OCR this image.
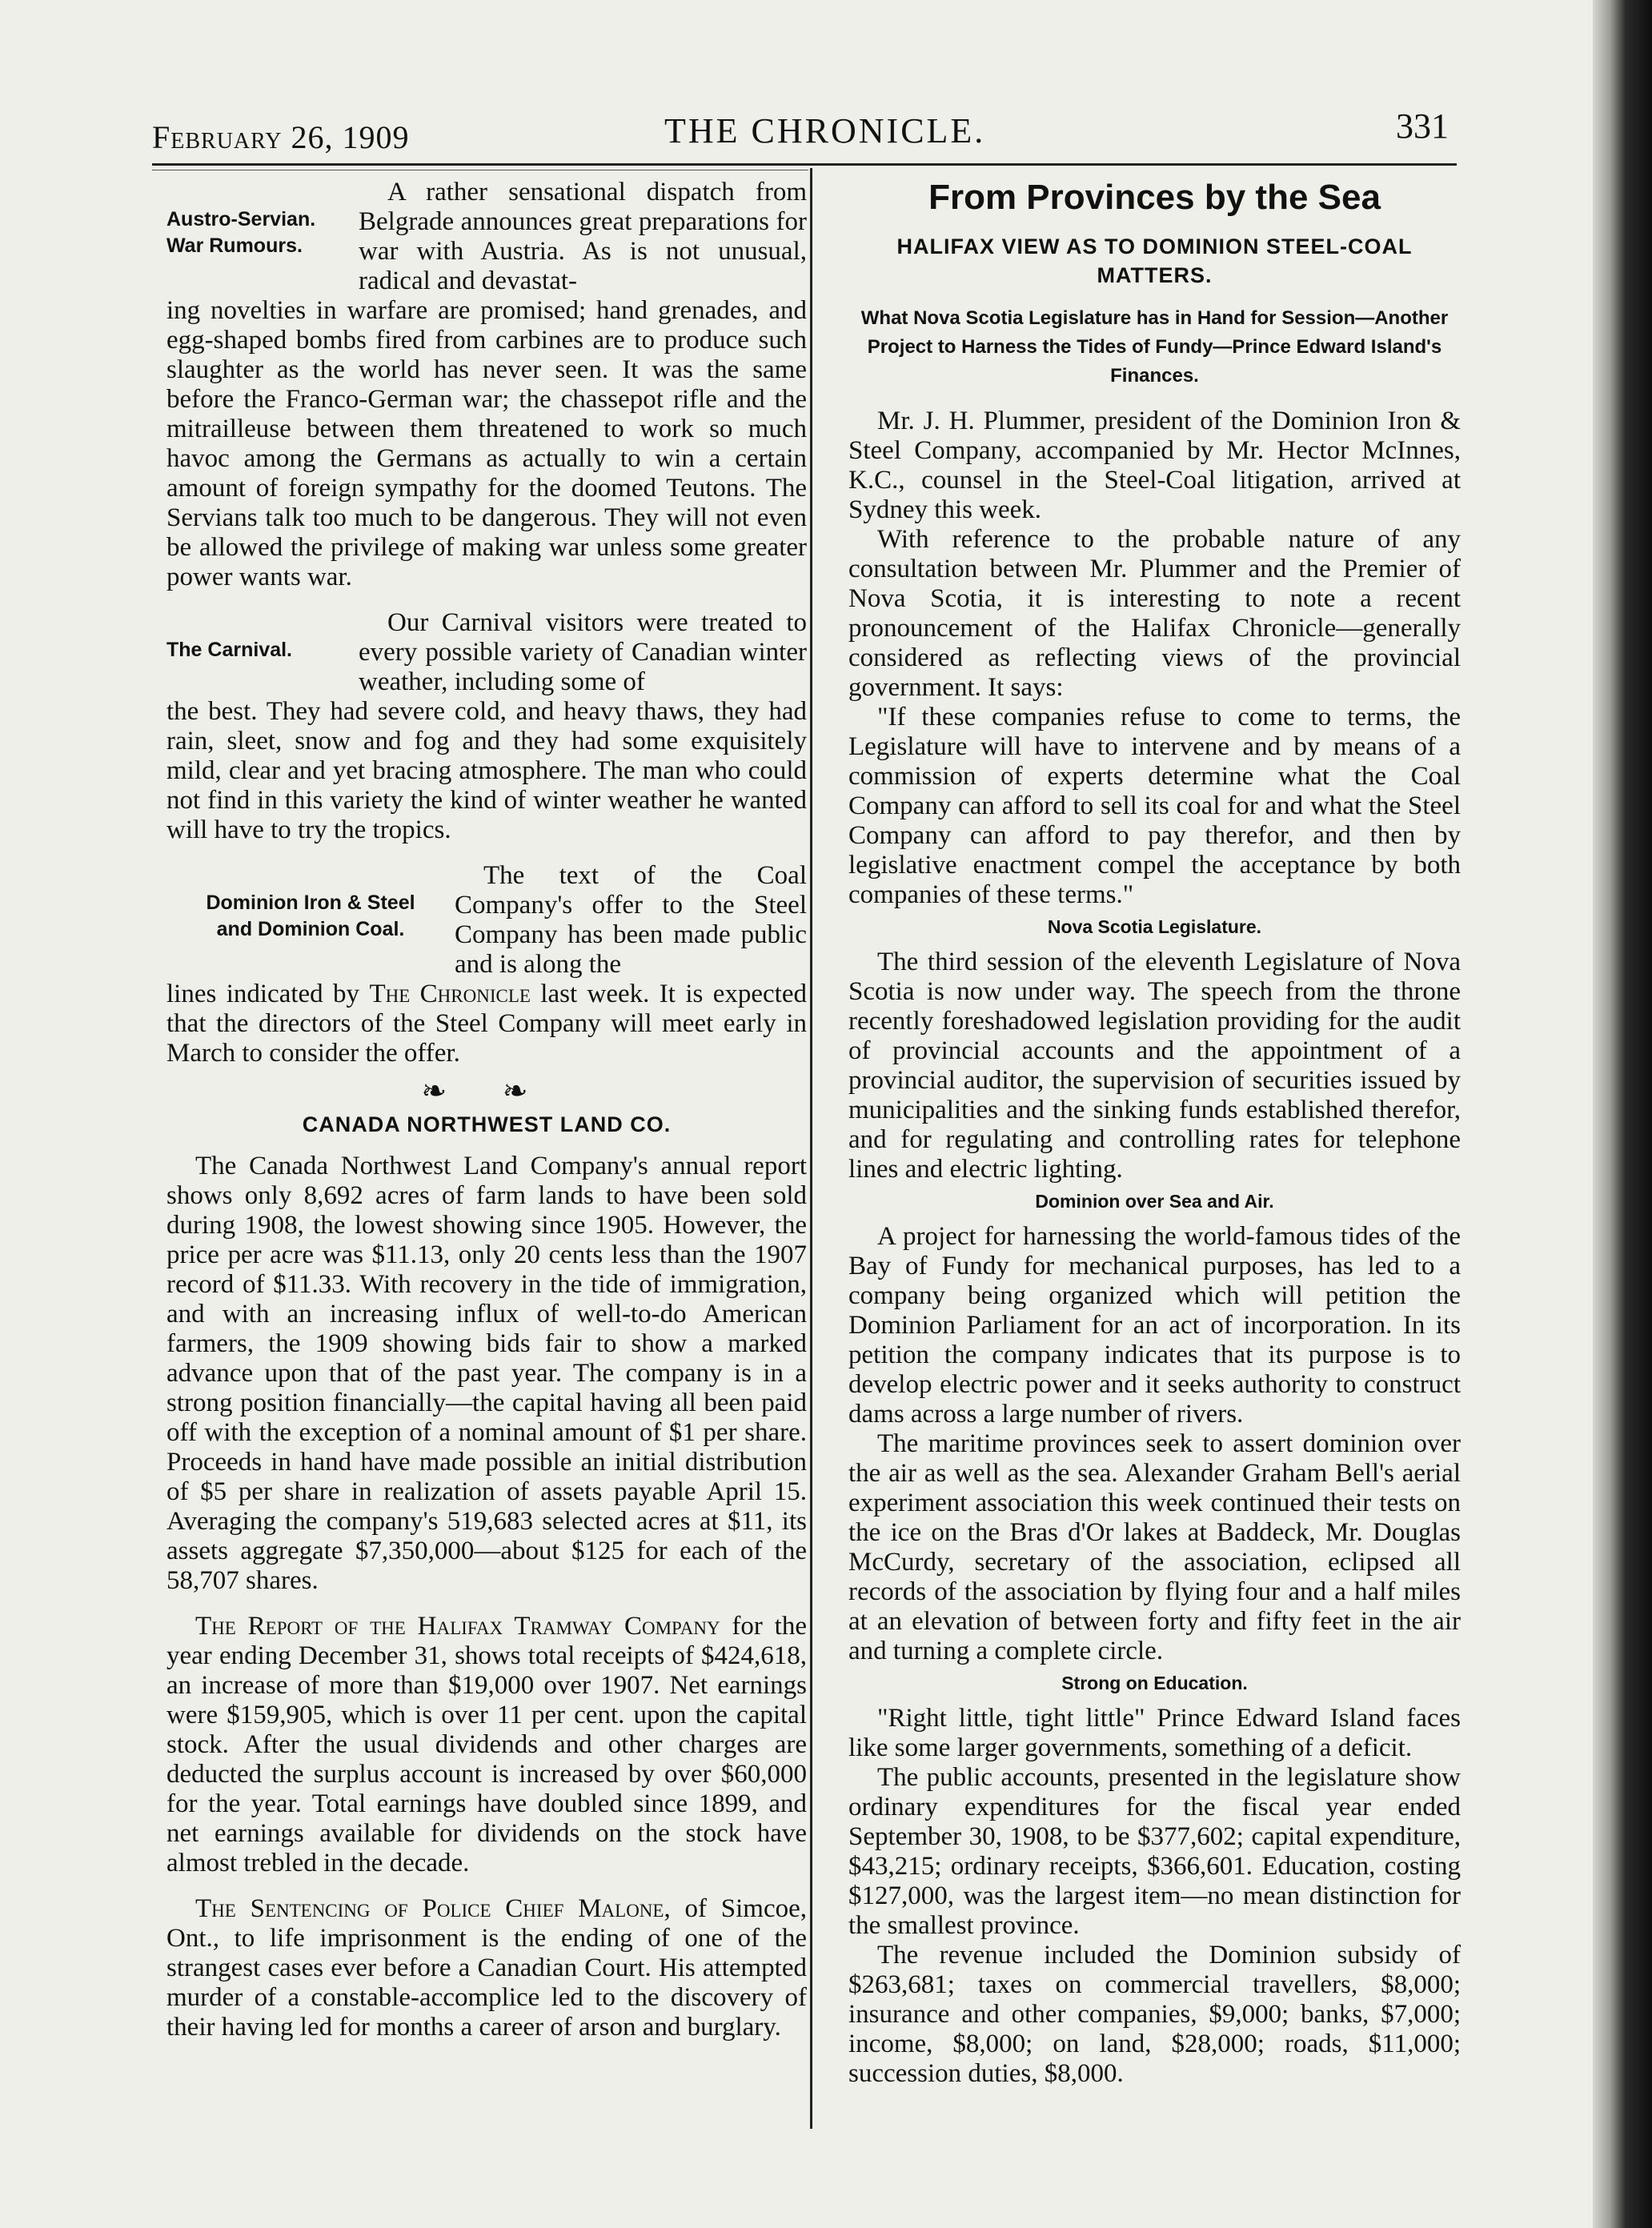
February 26, 1909	THE CHRONICLE.	331
Austro-Servian.
War Rumours.

A rather sensational dispatch from Belgrade announces great preparations for war with Austria. As is not unusual, radical and devastat-

ing novelties in warfare are promised; hand grenades, and egg-shaped bombs fired from carbines are to produce such slaughter as the world has never seen. It was the same before the Franco-German war; the chassepot rifle and the mitrailleuse between them threatened to work so much havoc among the Germans as actually to win a certain amount of foreign sympathy for the doomed Teutons. The Servians talk too much to be dangerous. They will not even be allowed the privilege of making war unless some greater power wants war.

The Carnival.

Our Carnival visitors were treated to every possible variety of Canadian winter weather, including some of

the best. They had severe cold, and heavy thaws, they had rain, sleet, snow and fog and they had some exquisitely mild, clear and yet bracing atmosphere. The man who could not find in this variety the kind of winter weather he wanted will have to try the tropics.

Dominion Iron & Steel
and Dominion Coal.

The text of the Coal Company's offer to the Steel Company has been made public and is along the

lines indicated by The Chronicle last week. It is expected that the directors of the Steel Company will meet early in March to consider the offer.

❧ ❧
CANADA NORTHWEST LAND CO.

The Canada Northwest Land Company's annual report shows only 8,692 acres of farm lands to have been sold during 1908, the lowest showing since 1905. However, the price per acre was $11.13, only 20 cents less than the 1907 record of $11.33. With recovery in the tide of immigration, and with an increasing influx of well-to-do American farmers, the 1909 showing bids fair to show a marked advance upon that of the past year. The company is in a strong position financially—the capital having all been paid off with the exception of a nominal amount of $1 per share. Proceeds in hand have made possible an initial distribution of $5 per share in realization of assets payable April 15. Averaging the company's 519,683 selected acres at $11, its assets aggregate $7,350,000—about $125 for each of the 58,707 shares.

The Report of the Halifax Tramway Company for the year ending December 31, shows total receipts of $424,618, an increase of more than $19,000 over 1907. Net earnings were $159,905, which is over 11 per cent. upon the capital stock. After the usual dividends and other charges are deducted the surplus account is increased by over $60,000 for the year. Total earnings have doubled since 1899, and net earnings available for dividends on the stock have almost trebled in the decade.

The Sentencing of Police Chief Malone, of Simcoe, Ont., to life imprisonment is the ending of one of the strangest cases ever before a Canadian Court. His attempted murder of a constable-accomplice led to the discovery of their having led for months a career of arson and burglary.

From Provinces by the Sea
HALIFAX VIEW AS TO DOMINION STEEL-COAL MATTERS.
What Nova Scotia Legislature has in Hand for Session—Another Project to Harness the Tides of Fundy—Prince Edward Island's Finances.

Mr. J. H. Plummer, president of the Dominion Iron & Steel Company, accompanied by Mr. Hector McInnes, K.C., counsel in the Steel-Coal litigation, arrived at Sydney this week.

With reference to the probable nature of any consultation between Mr. Plummer and the Premier of Nova Scotia, it is interesting to note a recent pronouncement of the Halifax Chronicle—generally considered as reflecting views of the provincial government. It says:

"If these companies refuse to come to terms, the Legislature will have to intervene and by means of a commission of experts determine what the Coal Company can afford to sell its coal for and what the Steel Company can afford to pay therefor, and then by legislative enactment compel the acceptance by both companies of these terms."

Nova Scotia Legislature.

The third session of the eleventh Legislature of Nova Scotia is now under way. The speech from the throne recently foreshadowed legislation providing for the audit of provincial accounts and the appointment of a provincial auditor, the supervision of securities issued by municipalities and the sinking funds established therefor, and for regulating and controlling rates for telephone lines and electric lighting.

Dominion over Sea and Air.

A project for harnessing the world-famous tides of the Bay of Fundy for mechanical purposes, has led to a company being organized which will petition the Dominion Parliament for an act of incorporation. In its petition the company indicates that its purpose is to develop electric power and it seeks authority to construct dams across a large number of rivers.

The maritime provinces seek to assert dominion over the air as well as the sea. Alexander Graham Bell's aerial experiment association this week continued their tests on the ice on the Bras d'Or lakes at Baddeck, Mr. Douglas McCurdy, secretary of the association, eclipsed all records of the association by flying four and a half miles at an elevation of between forty and fifty feet in the air and turning a complete circle.

Strong on Education.

"Right little, tight little" Prince Edward Island faces like some larger governments, something of a deficit.

The public accounts, presented in the legislature show ordinary expenditures for the fiscal year ended September 30, 1908, to be $377,602; capital expenditure, $43,215; ordinary receipts, $366,601. Education, costing $127,000, was the largest item—no mean distinction for the smallest province.

The revenue included the Dominion subsidy of $263,681; taxes on commercial travellers, $8,000; insurance and other companies, $9,000; banks, $7,000; income, $8,000; on land, $28,000; roads, $11,000; succession duties, $8,000.
